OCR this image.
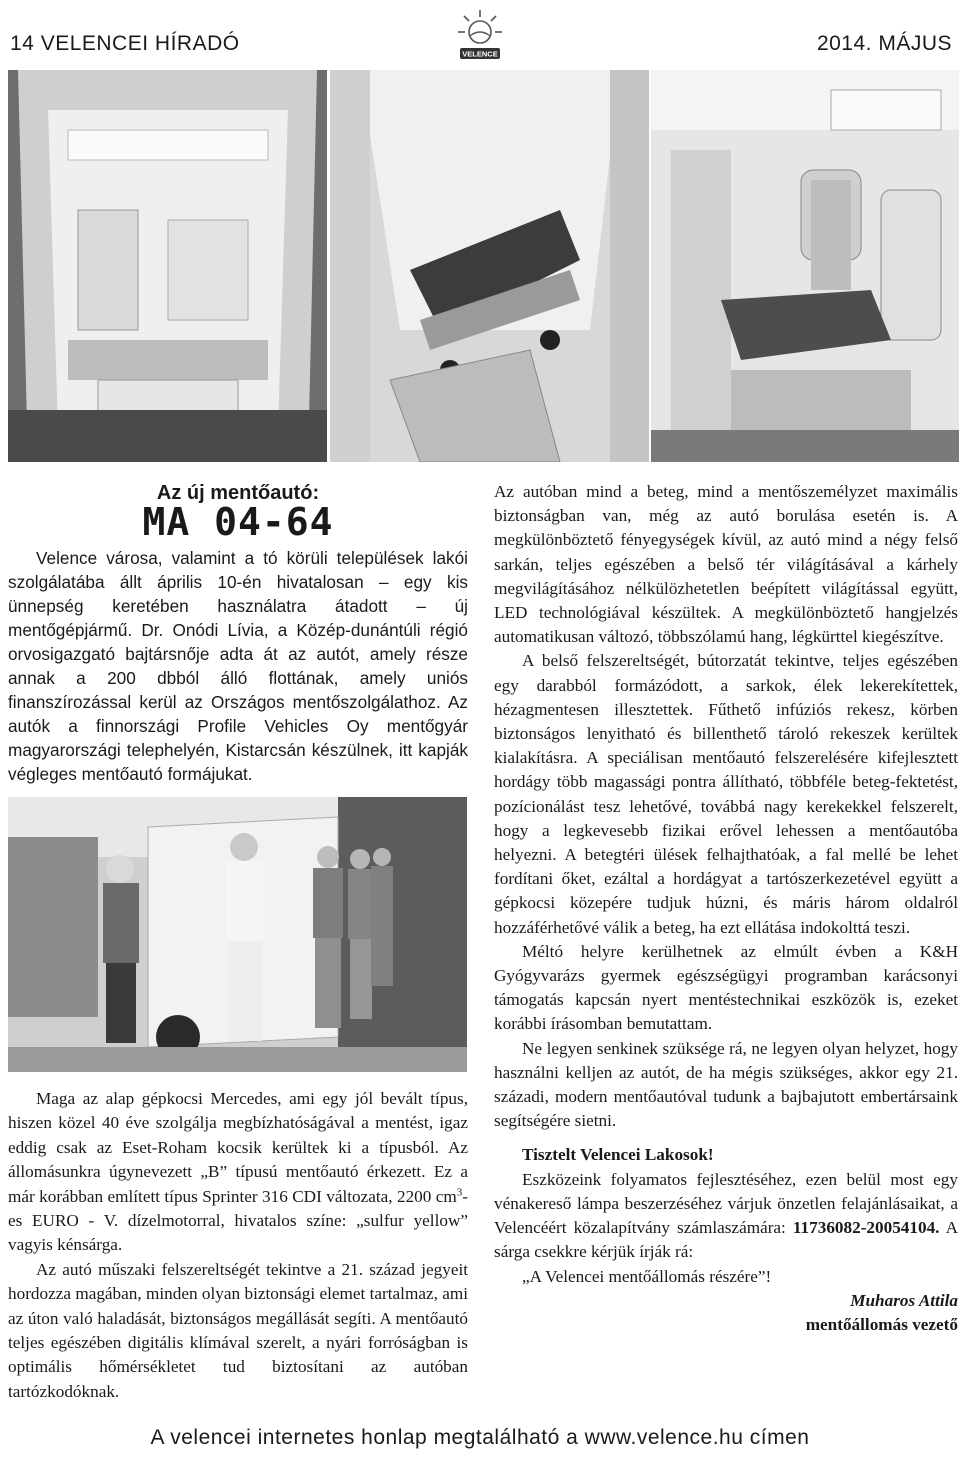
14 VELENCEI HÍRADÓ	VELENCE	2014. MÁJUS
Az új mentőautó:
MA 04-64

Velence városa, valamint a tó körüli települések lakói szolgálatába állt április 10-én hivatalosan – egy kis ünnepség keretében használatra átadott – új mentőgépjármű. Dr. Onódi Lívia, a Közép-dunántúli régió orvosigazgató bajtársnője adta át az autót, amely része annak a 200 dbból álló flottának, amely uniós finanszírozással kerül az Országos mentőszolgálathoz. Az autók a finnországi Profile Vehicles Oy mentőgyár magyarországi telephelyén, Kistarcsán készülnek, itt kapják végleges mentőautó formájukat.

Maga az alap gépkocsi Mercedes, ami egy jól bevált típus, hiszen közel 40 éve szolgálja megbízhatóságával a mentést, igaz eddig csak az Eset-Roham kocsik kerültek ki a típusból. Az állomásunkra úgynevezett „B” típusú mentőautó érkezett. Ez a már korábban említett típus Sprinter 316 CDI változata, 2200 $cm^3-$ es EURO - V. dízelmotorral, hivatalos színe: „sulfur yellow” vagyis kénsárga.

Az autó műszaki felszereltségét tekintve a 21. század jegyeit hordozza magában, minden olyan biztonsági elemet tartalmaz, ami az úton való haladását, biztonságos megállását segíti. A mentőautó teljes egészében digitális klímával szerelt, a nyári forróságban is optimális hőmérsékletet tud biztosítani az autóban tartózkodóknak.

Az autóban mind a beteg, mind a mentőszemélyzet maximális biztonságban van, még az autó borulása esetén is. A megkülönböztető fényegységek kívül, az autó mind a négy felső sarkán, teljes egészében a belső tér világításával a kárhely megvilágításához nélkülözhetetlen beépített világítással együtt, LED technológiával készültek. A megkülönböztető hangjelzés automatikusan változó, többszólamú hang, légkürttel kiegészítve.

A belső felszereltségét, bútorzatát tekintve, teljes egészében egy darabból formázódott, a sarkok, élek lekerekítettek, hézagmentesen illesztettek. Fűthető infúziós rekesz, körben biztonságos lenyitható és billenthető tároló rekeszek kerültek kialakításra. A speciálisan mentőautó felszerelésére kifejlesztett hordágy több magassági pontra állítható, többféle beteg-fektetést, pozícionálást tesz lehetővé, továbbá nagy kerekekkel felszerelt, hogy a legkevesebb fizikai erővel lehessen a mentőautóba helyezni. A betegtéri ülések felhajthatóak, a fal mellé be lehet fordítani őket, ezáltal a hordágyat a tartószerkezetével együtt a gépkocsi közepére tudjuk húzni, és máris három oldalról hozzáférhetővé válik a beteg, ha ezt ellátása indokolttá teszi.

Méltó helyre kerülhetnek az elmúlt évben a K&H Gyógyvarázs gyermek egészségügyi programban karácsonyi támogatás kapcsán nyert mentéstechnikai eszközök is, ezeket korábbi írásomban bemutattam.

Ne legyen senkinek szüksége rá, ne legyen olyan helyzet, hogy használni kelljen az autót, de ha mégis szükséges, akkor egy 21. századi, modern mentőautóval tudunk a bajbajutott embertársaink segítségére sietni.

Tisztelt Velencei Lakosok!

Eszközeink folyamatos fejlesztéséhez, ezen belül most egy vénakereső lámpa beszerzéséhez várjuk önzetlen felajánlásaikat, a Velencéért közalapítvány számlaszámára: 11736082-20054104. A sárga csekkre kérjük írják rá:

„A Velencei mentőállomás részére”!

Muharos Attila

mentőállomás vezető

A velencei internetes honlap megtalálható a www.velence.hu címen
